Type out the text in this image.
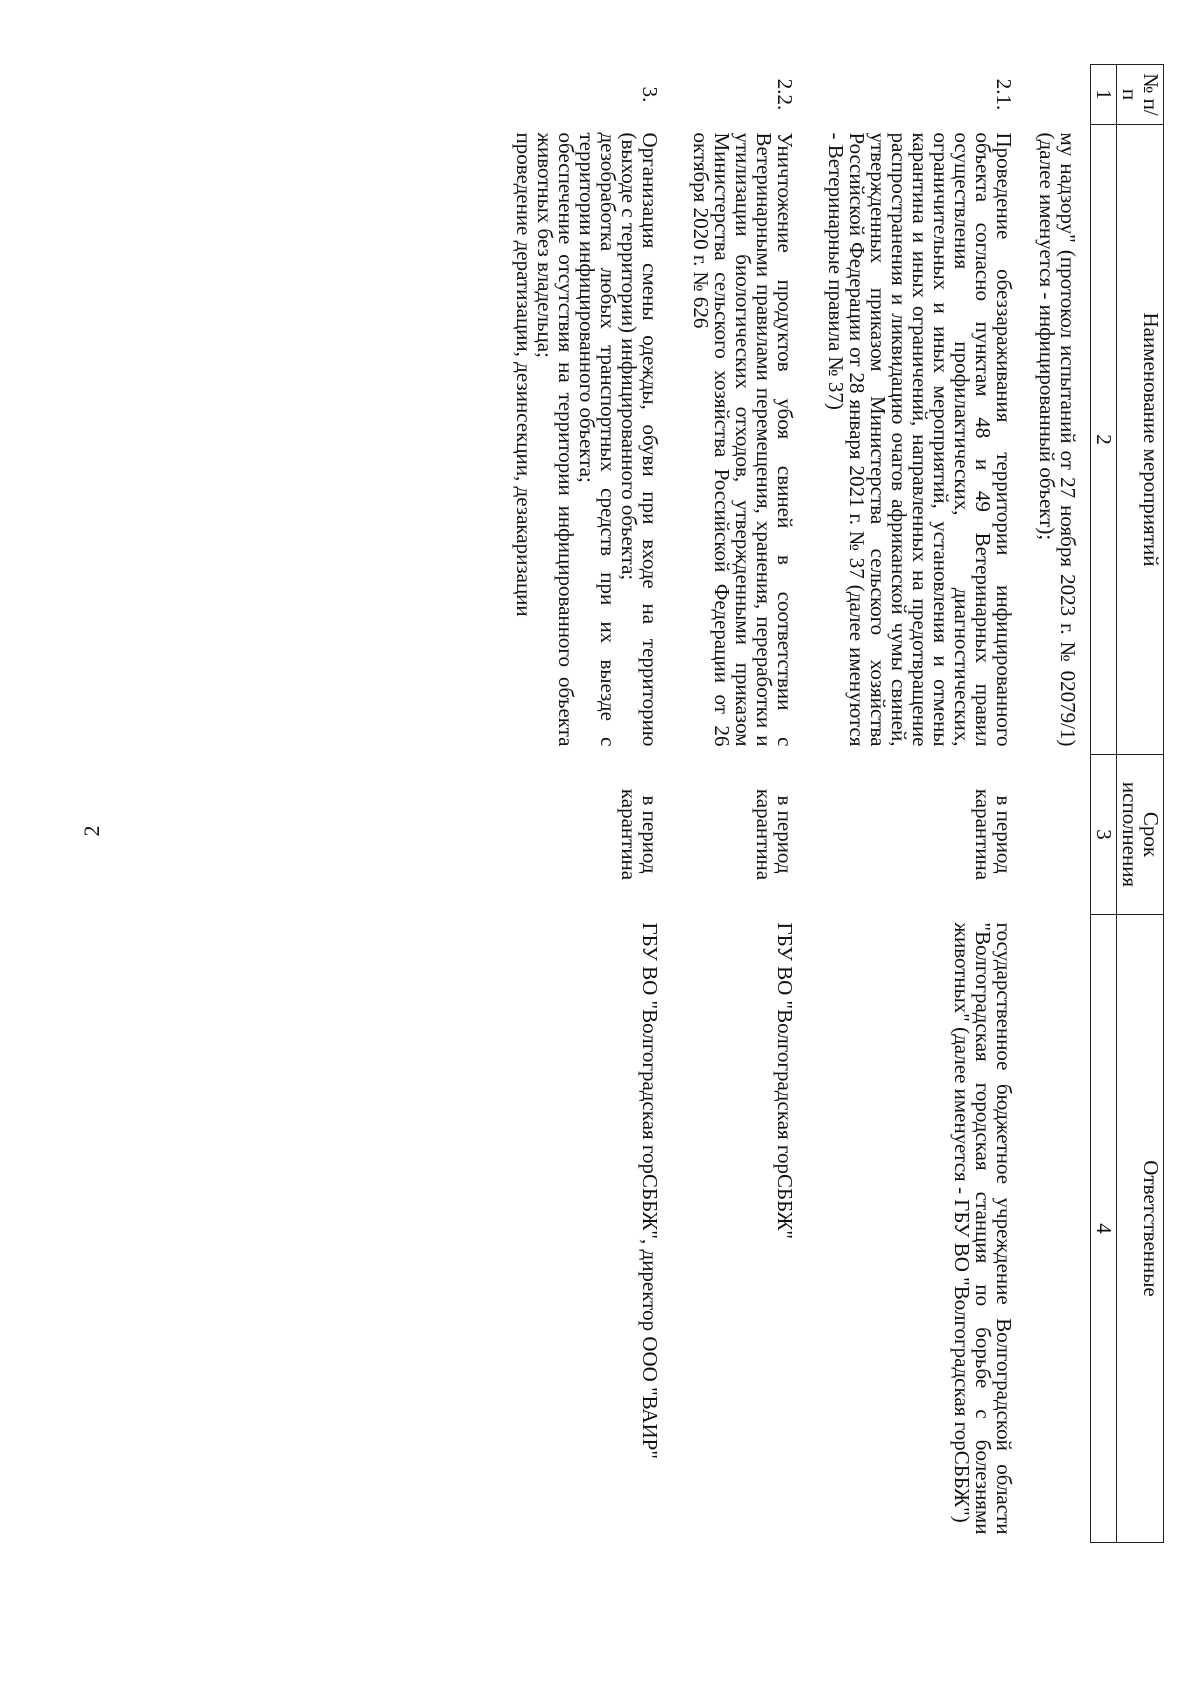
2
№ п/п	Наименование мероприятий	Срок исполнения	Ответственные
1	2	3	4
	му надзору" (протокол испытаний от 27 ноября 2023 г. № 02079/1) (далее именуется - инфицированный объект);		
2.1.	Проведение обеззараживания территории инфицированного объекта согласно пунктам 48 и 49 Ветеринарных правил осуществления профилактических, диагностических, ограничительных и иных мероприятий, установления и отмены карантина и иных ограничений, направленных на предотвращение распространения и ликвидацию очагов африканской чумы свиней, утвержденных приказом Министерства сельского хозяйства Российской Федерации от 28 января 2021 г. № 37 (далее именуются - Ветеринарные правила № 37)	в период карантина	государственное бюджетное учреждение Волгоградской области "Волгоградская городская станция по борьбе с болезнями животных" (далее именуется - ГБУ ВО "Волгоградская горСББЖ")
2.2.	Уничтожение продуктов убоя свиней в соответствии с Ветеринарными правилами перемещения, хранения, переработки и утилизации биологических отходов, утвержденными приказом Министерства сельского хозяйства Российской Федерации от 26 октября 2020 г. № 626	в период карантина	ГБУ ВО "Волгоградская горСББЖ"
3.	Организация смены одежды, обуви при входе на территорию (выходе с территории) инфицированного объекта;
дезобработка любых транспортных средств при их выезде с территории инфицированного объекта;
обеспечение отсутствия на территории инфицированного объекта животных без владельца;
проведение дератизации, дезинсекции, дезакаризации	в период карантина	ГБУ ВО "Волгоградская горСББЖ", директор ООО "ВАИР"
